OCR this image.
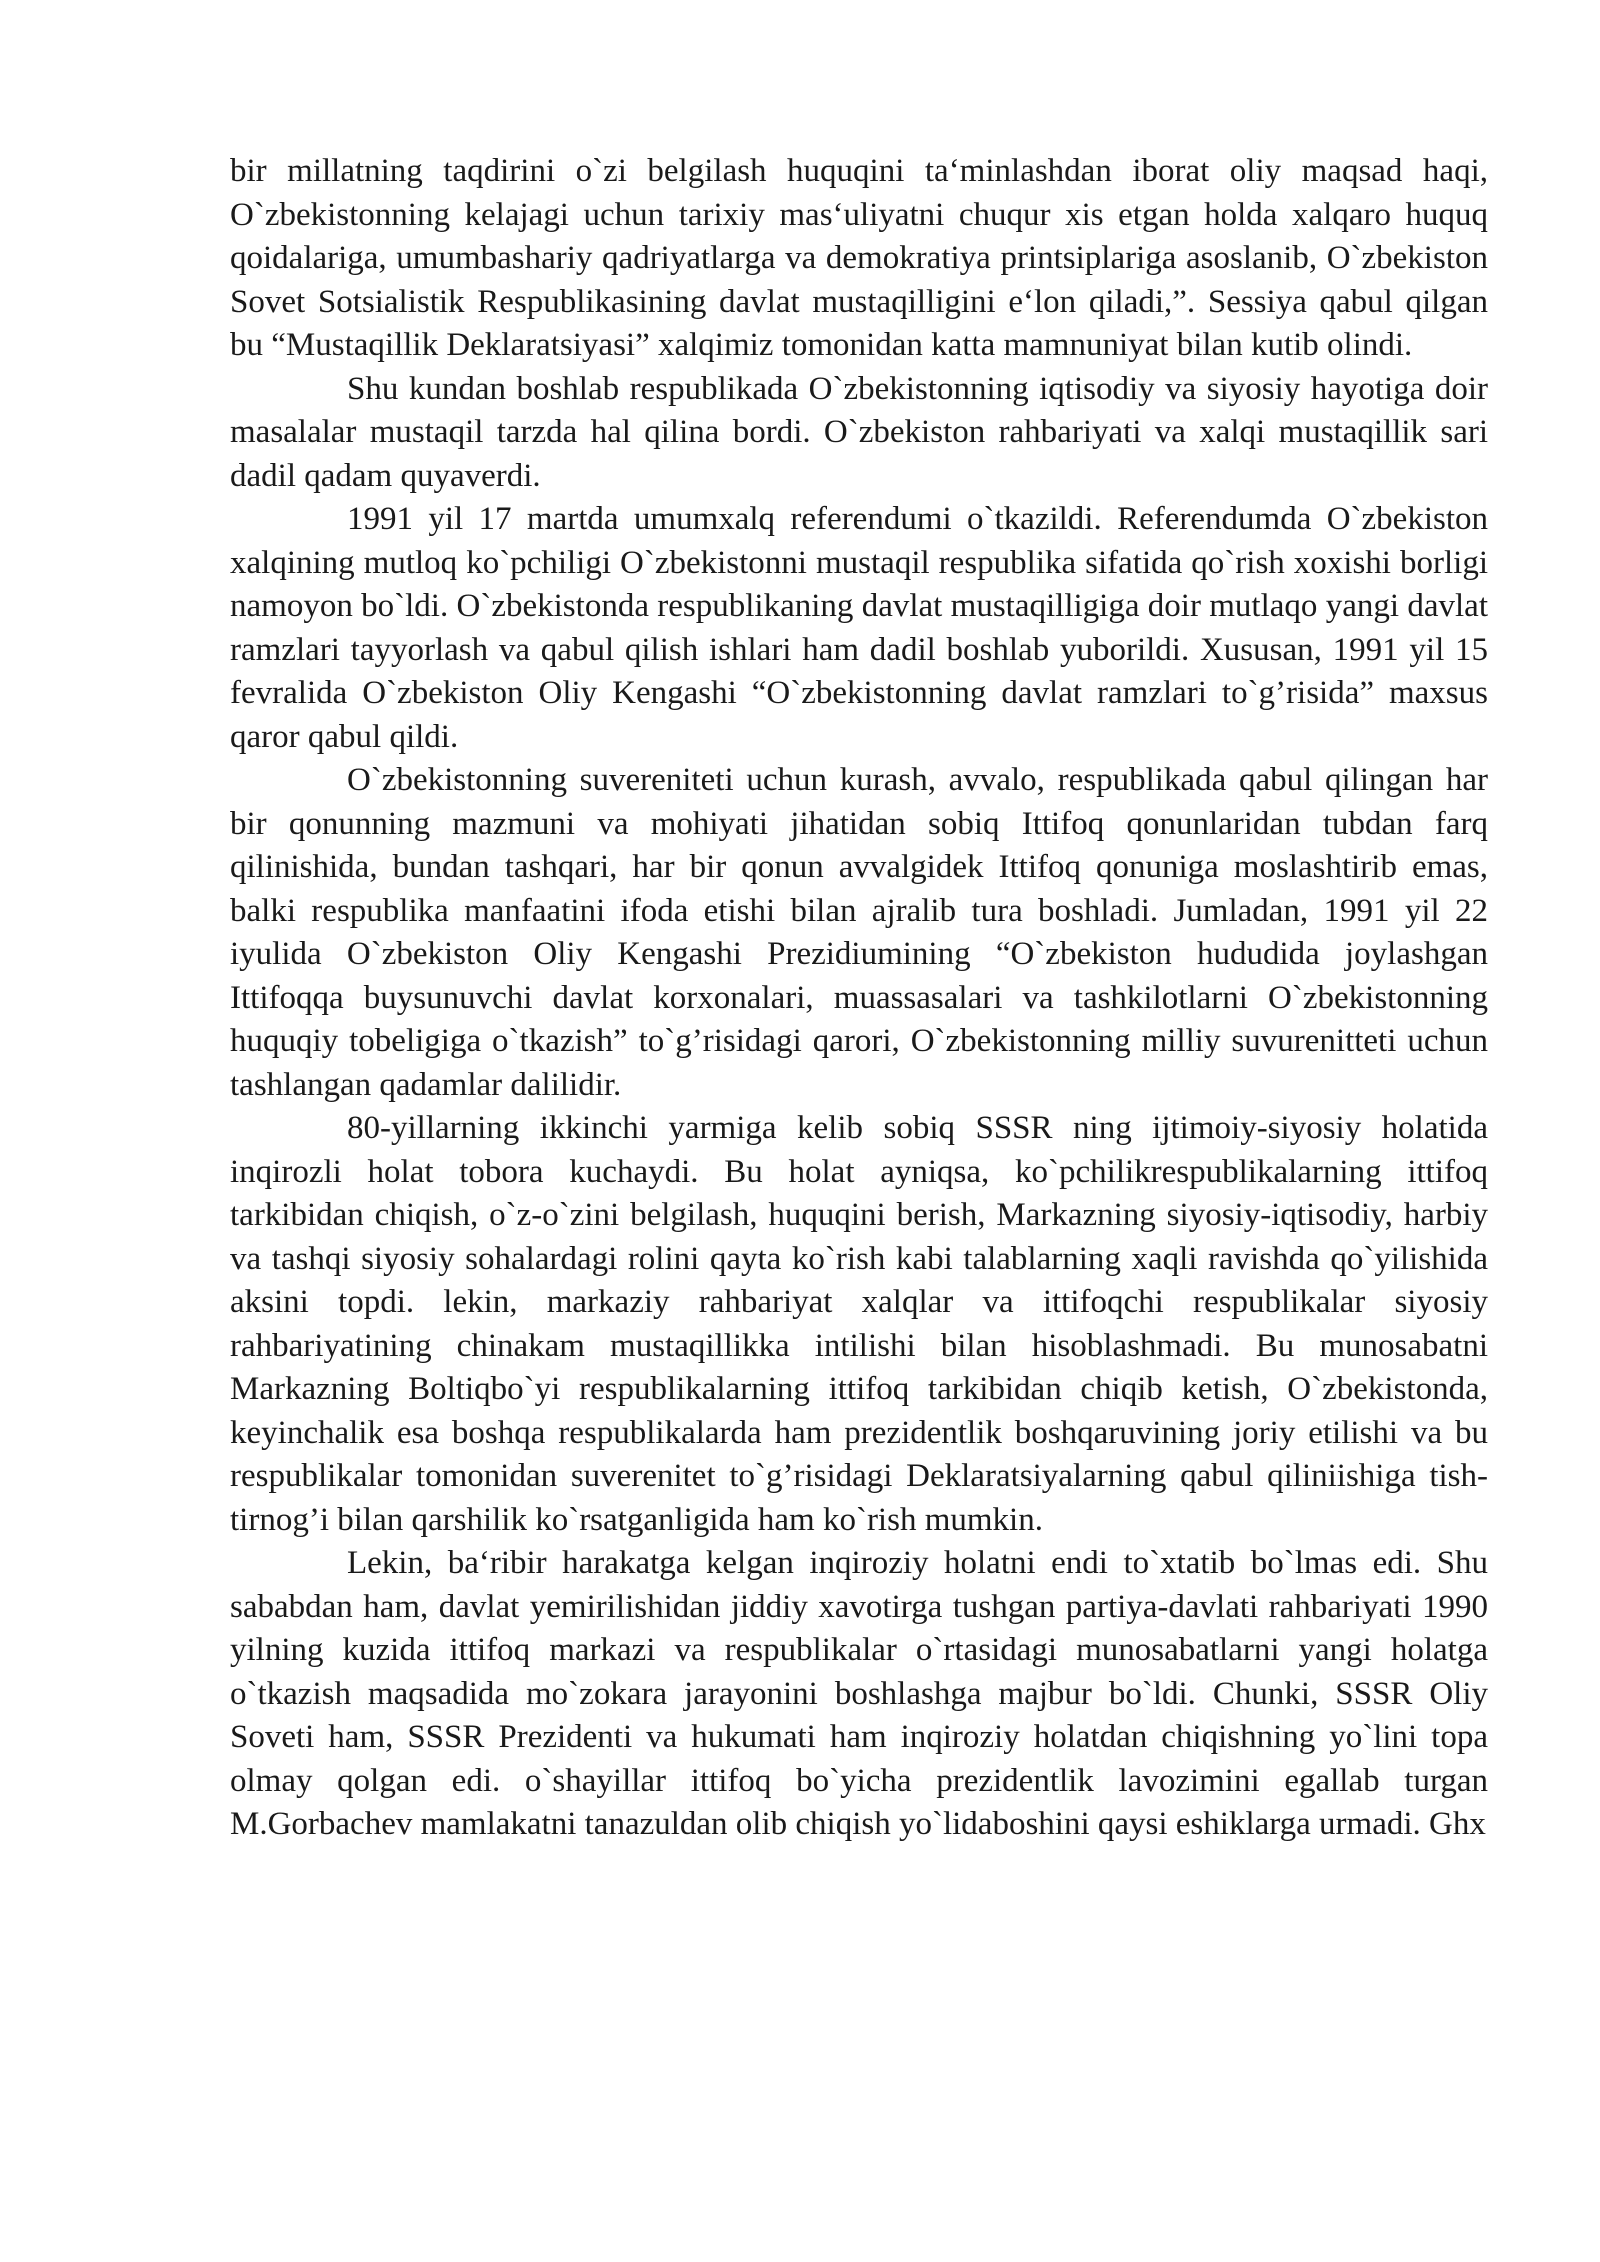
bir millatning taqdirini o`zi belgilash huquqini ta‘minlashdan iborat oliy maqsad haqi, O`zbekistonning kelajagi uchun tarixiy mas‘uliyatni chuqur xis etgan holda xalqaro huquq qoidalariga, umumbashariy qadriyatlarga va demokratiya printsiplariga asoslanib, O`zbekiston Sovet Sotsialistik Respublikasining davlat mustaqilligini e‘lon qiladi,”. Sessiya qabul qilgan bu “Mustaqillik Deklaratsiyasi” xalqimiz tomonidan katta mamnuniyat bilan kutib olindi.

Shu kundan boshlab respublikada O`zbekistonning iqtisodiy va siyosiy hayotiga doir masalalar mustaqil tarzda hal qilina bordi. O`zbekiston rahbariyati va xalqi mustaqillik sari dadil qadam quyaverdi.

1991 yil 17 martda umumxalq referendumi o`tkazildi. Referendumda O`zbekiston xalqining mutloq ko`pchiligi O`zbekistonni mustaqil respublika sifatida qo`rish xoxishi borligi namoyon bo`ldi. O`zbekistonda respublikaning davlat mustaqilligiga doir mutlaqo yangi davlat ramzlari tayyorlash va qabul qilish ishlari ham dadil boshlab yuborildi. Xususan, 1991 yil 15 fevralida O`zbekiston Oliy Kengashi “O`zbekistonning davlat ramzlari to`g’risida” maxsus qaror qabul qildi.

O`zbekistonning suvereniteti uchun kurash, avvalo, respublikada qabul qilingan har bir qonunning mazmuni va mohiyati jihatidan sobiq Ittifoq qonunlaridan tubdan farq qilinishida, bundan tashqari, har bir qonun avvalgidek Ittifoq qonuniga moslashtirib emas, balki respublika manfaatini ifoda etishi bilan ajralib tura boshladi. Jumladan, 1991 yil 22 iyulida O`zbekiston Oliy Kengashi Prezidiumining “O`zbekiston hududida joylashgan Ittifoqqa buysunuvchi davlat korxonalari, muassasalari va tashkilotlarni O`zbekistonning huquqiy tobeligiga o`tkazish” to`g’risidagi qarori, O`zbekistonning milliy suvurenitteti uchun tashlangan qadamlar dalilidir.

80-yillarning ikkinchi yarmiga kelib sobiq SSSR ning ijtimoiy-siyosiy holatida inqirozli holat tobora kuchaydi. Bu holat ayniqsa, ko`pchilikrespublikalarning ittifoq tarkibidan chiqish, o`z-o`zini belgilash, huquqini berish, Markazning siyosiy-iqtisodiy, harbiy va tashqi siyosiy sohalardagi rolini qayta ko`rish kabi talablarning xaqli ravishda qo`yilishida aksini topdi. lekin, markaziy rahbariyat xalqlar va ittifoqchi respublikalar siyosiy rahbariyatining chinakam mustaqillikka intilishi bilan hisoblashmadi. Bu munosabatni Markazning Boltiqbo`yi respublikalarning ittifoq tarkibidan chiqib ketish, O`zbekistonda, keyinchalik esa boshqa respublikalarda ham prezidentlik boshqaruvining joriy etilishi va bu respublikalar tomonidan suverenitet to`g’risidagi Deklaratsiyalarning qabul qiliniishiga tish-tirnog’i bilan qarshilik ko`rsatganligida ham ko`rish mumkin.

Lekin, ba‘ribir harakatga kelgan inqiroziy holatni endi to`xtatib bo`lmas edi. Shu sababdan ham, davlat yemirilishidan jiddiy xavotirga tushgan partiya-davlati rahbariyati 1990 yilning kuzida ittifoq markazi va respublikalar o`rtasidagi munosabatlarni yangi holatga o`tkazish maqsadida mo`zokara jarayonini boshlashga majbur bo`ldi. Chunki, SSSR Oliy Soveti ham, SSSR Prezidenti va hukumati ham inqiroziy holatdan chiqishning yo`lini topa olmay qolgan edi. o`shayillar ittifoq bo`yicha prezidentlik lavozimini egallab turgan M.Gorbachev mamlakatni tanazuldan olib chiqish yo`lidaboshini qaysi eshiklarga urmadi. Ghx
